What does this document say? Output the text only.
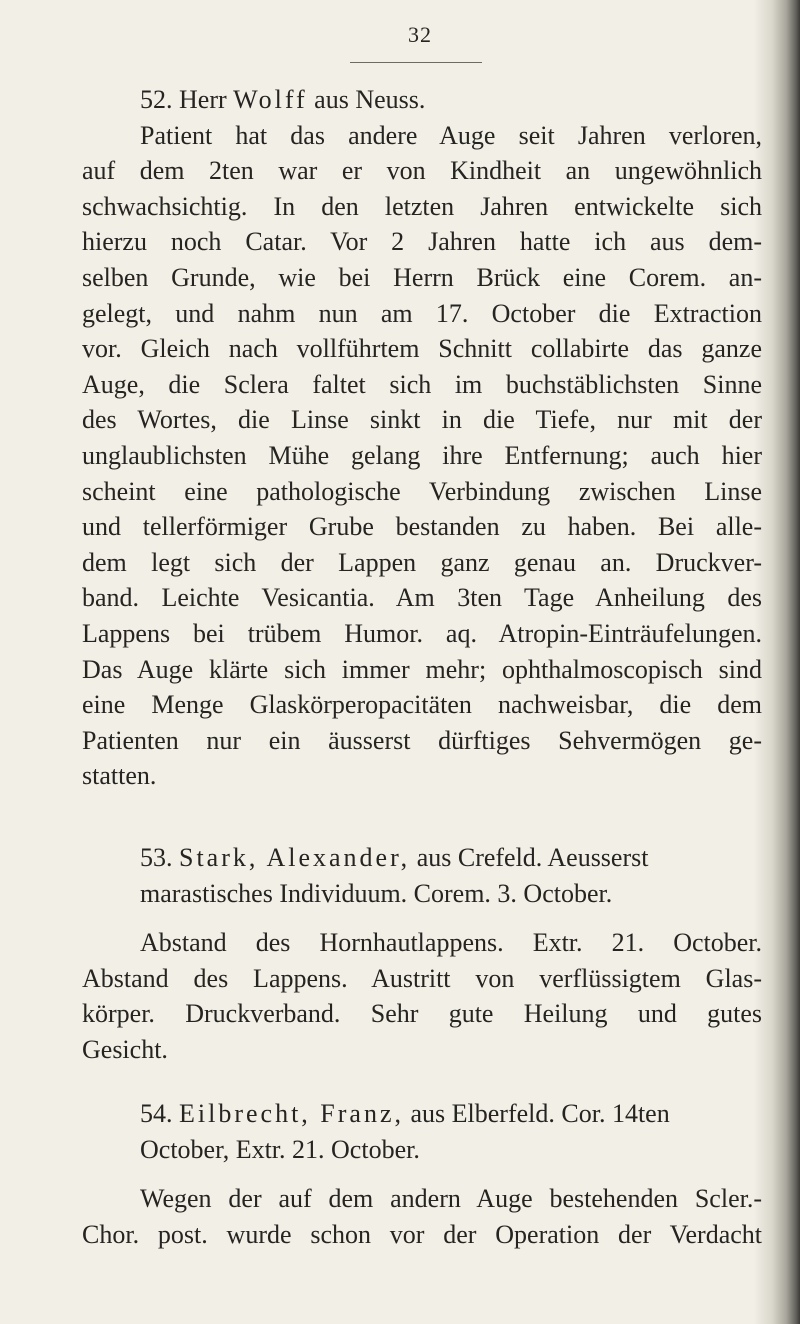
32
52. Herr Wolff aus Neuss.
Patient hat das andere Auge seit Jahren verloren,
auf dem 2ten war er von Kindheit an ungewöhnlich
schwachsichtig. In den letzten Jahren entwickelte sich
hierzu noch Catar. Vor 2 Jahren hatte ich aus dem-
selben Grunde, wie bei Herrn Brück eine Corem. an-
gelegt, und nahm nun am 17. October die Extraction
vor. Gleich nach vollführtem Schnitt collabirte das ganze
Auge, die Sclera faltet sich im buchstäblichsten Sinne
des Wortes, die Linse sinkt in die Tiefe, nur mit der
unglaublichsten Mühe gelang ihre Entfernung; auch hier
scheint eine pathologische Verbindung zwischen Linse
und tellerförmiger Grube bestanden zu haben. Bei alle-
dem legt sich der Lappen ganz genau an. Druckver-
band. Leichte Vesicantia. Am 3ten Tage Anheilung des
Lappens bei trübem Humor. aq. Atropin-Einträufelungen.
Das Auge klärte sich immer mehr; ophthalmoscopisch sind
eine Menge Glaskörperopacitäten nachweisbar, die dem
Patienten nur ein äusserst dürftiges Sehvermögen ge-
statten.
53. Stark, Alexander, aus Crefeld. Aeusserst
marastisches Individuum. Corem. 3. October.
Abstand des Hornhautlappens. Extr. 21. October.
Abstand des Lappens. Austritt von verflüssigtem Glas-
körper. Druckverband. Sehr gute Heilung und gutes
Gesicht.
54. Eilbrecht, Franz, aus Elberfeld. Cor. 14ten
October, Extr. 21. October.
Wegen der auf dem andern Auge bestehenden Scler.-
Chor. post. wurde schon vor der Operation der Verdacht
